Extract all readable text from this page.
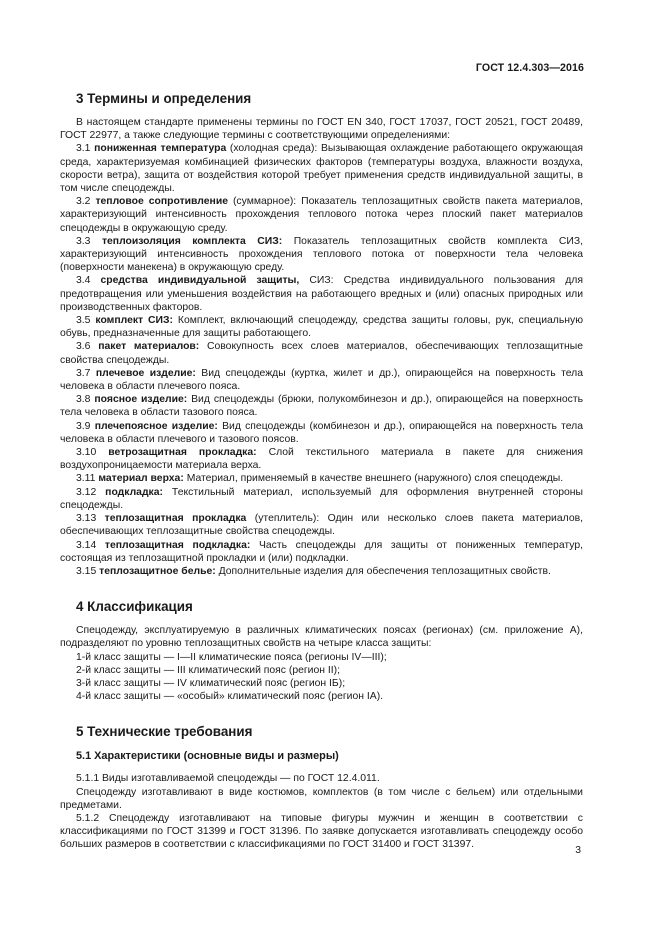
ГОСТ 12.4.303—2016
3 Термины и определения

В настоящем стандарте применены термины по ГОСТ EN 340, ГОСТ 17037, ГОСТ 20521, ГОСТ 20489, ГОСТ 22977, а также следующие термины с соответствующими определениями:

3.1 пониженная температура (холодная среда): Вызывающая охлаждение работающего окружающая среда, характеризуемая комбинацией физических факторов (температуры воздуха, влажности воздуха, скорости ветра), защита от воздействия которой требует применения средств индивидуальной защиты, в том числе спецодежды.

3.2 тепловое сопротивление (суммарное): Показатель теплозащитных свойств пакета материалов, характеризующий интенсивность прохождения теплового потока через плоский пакет материалов спецодежды в окружающую среду.

3.3 теплоизоляция комплекта СИЗ: Показатель теплозащитных свойств комплекта СИЗ, характеризующий интенсивность прохождения теплового потока от поверхности тела человека (поверхности манекена) в окружающую среду.

3.4 средства индивидуальной защиты, СИЗ: Средства индивидуального пользования для предотвращения или уменьшения воздействия на работающего вредных и (или) опасных природных или производственных факторов.

3.5 комплект СИЗ: Комплект, включающий спецодежду, средства защиты головы, рук, специальную обувь, предназначенные для защиты работающего.

3.6 пакет материалов: Совокупность всех слоев материалов, обеспечивающих теплозащитные свойства спецодежды.

3.7 плечевое изделие: Вид спецодежды (куртка, жилет и др.), опирающейся на поверхность тела человека в области плечевого пояса.

3.8 поясное изделие: Вид спецодежды (брюки, полукомбинезон и др.), опирающейся на поверхность тела человека в области тазового пояса.

3.9 плечепоясное изделие: Вид спецодежды (комбинезон и др.), опирающейся на поверхность тела человека в области плечевого и тазового поясов.

3.10 ветрозащитная прокладка: Слой текстильного материала в пакете для снижения воздухопроницаемости материала верха.

3.11 материал верха: Материал, применяемый в качестве внешнего (наружного) слоя спецодежды.

3.12 подкладка: Текстильный материал, используемый для оформления внутренней стороны спецодежды.

3.13 теплозащитная прокладка (утеплитель): Один или несколько слоев пакета материалов, обеспечивающих теплозащитные свойства спецодежды.

3.14 теплозащитная подкладка: Часть спецодежды для защиты от пониженных температур, состоящая из теплозащитной прокладки и (или) подкладки.

3.15 теплозащитное белье: Дополнительные изделия для обеспечения теплозащитных свойств.

4 Классификация

Спецодежду, эксплуатируемую в различных климатических поясах (регионах) (см. приложение А), подразделяют по уровню теплозащитных свойств на четыре класса защиты:

1-й класс защиты — I—II климатические пояса (регионы IV—III);

2-й класс защиты — III климатический пояс (регион II);

3-й класс защиты — IV климатический пояс (регион IБ);

4-й класс защиты — «особый» климатический пояс (регион IA).

5 Технические требования
5.1 Характеристики (основные виды и размеры)

5.1.1 Виды изготавливаемой спецодежды — по ГОСТ 12.4.011.

Спецодежду изготавливают в виде костюмов, комплектов (в том числе с бельем) или отдельными предметами.

5.1.2 Спецодежду изготавливают на типовые фигуры мужчин и женщин в соответствии с классификациями по ГОСТ 31399 и ГОСТ 31396. По заявке допускается изготавливать спецодежду особо больших размеров в соответствии с классификациями по ГОСТ 31400 и ГОСТ 31397.

3
